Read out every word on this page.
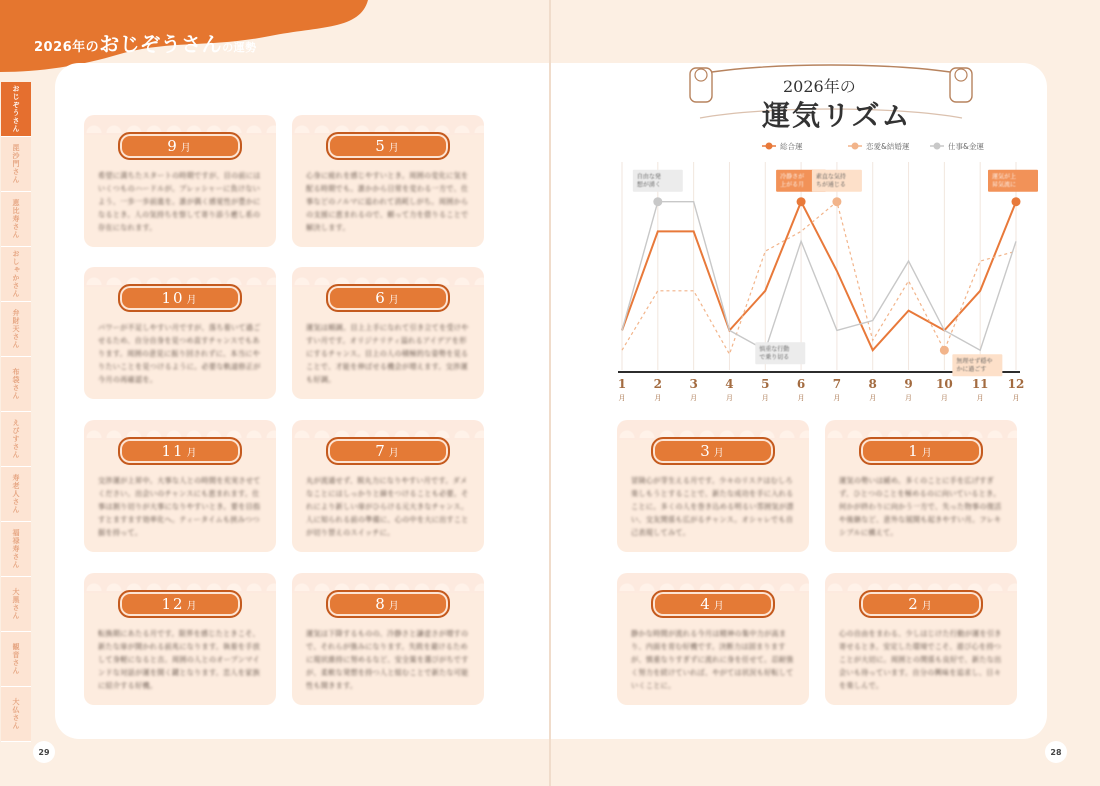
2026年のおじぞうさんの運勢
おじぞうさん
毘沙門さん
恵比寿さん
おしゃかさん
弁財天さん
布袋さん
えびすさん
寿老人さん
福禄寿さん
大黒さん
観音さん
大仏さん
29	28
9 月
希望に満ちたスタートの時期ですが、目の前にはいくつものハードルが。プレッシャーに負けないよう、一歩一歩前進を。誰が偶く感覚性が豊かになるとき。人の気持ちを察して寄り添う癒し系の存在になれます。
5 月
心身に疲れを感じやすいとき。周囲の変化に気を配る時期でも。誰かから日常を変わる一方で、仕事などのノルマに追われて消耗しがち。周囲からの支援に恵まれるので、頼って力を借りることで解決します。
10 月
パワーが不足しやすい月ですが、落ち着いて過ごせるため、自分自身を見つめ直すチャンスでもあります。周囲の意見に振り回されずに、本当にやりたいことを見つけるように。必要な軌道修正が今月の再確認を。
6 月
運気は順調。目上上手になれて引き立てを受けやすい月です。オリジナリティ溢れるアイデアを形にするチャンス。目上の人の積極的な姿勢を見ることで、才能を伸ばせる機会が増えます。交渉運も好調。
11 月
交渉運が上昇中。大事な人との時間を充実させてください。出会いのチャンスにも恵まれます。仕事は割り切りが大事になりやすいとき。要を目指すとますます効率化へ。ティータイムも挟みつつ据を持って。
7 月
丸が流通せず、脱丸力になりやすい月です。ダメなことにはしっかりと線をつけることも必要。それにより新しい扉がひらける元大きなチャンス。人に知られる前の準備に、心の中を大に出すことが切り替えのスイッチに。
12 月
転換期にあたる月です。限界を感じたときこそ、新たな扉が開かれる前兆になります。執着を手放して身軽になると吉。周囲の人とのオープンマインドな対話が運を開く鍵となります。恋人を家族に紹介する好機。
8 月
運気は下降するものの、冷静さと謙虚さが増すので、それらが強みになります。失敗を避けるために現状維持に努めるなど、安全策を選びがちですが、柔軟な発想を持つ人と組むことで新たな可能性も開きます。
3 月
冒険心が芽生える月です。少々のリスクはむしろ楽しもうとすることで、新たな成功を手に入れることに。多くの人を巻き込める明るい雰囲気が漂い、交友関係も広がるチャンス。オシャレでも自己表現してみて。
1 月
運気の勢いは緩め。多くのことに手を広げすぎず、ひとつのことを極めるのに向いているとき。何かが終わりに向かう一方で、失った物事の復活や後継など、意外な展開も起きやすい月。フレキシブルに構えて。
4 月
静かな時間が流れる今月は精神の集中力が高まり、内面を育む好機です。決断力は固まりますが、慎重なりすぎずに流れに身を任せて。忍耐強く努力を続けていれば、やがては状況も好転していくことに。
2 月
心の自由をまわる、少しはじけた行動が運を引き寄せるとき。安定した環境でこそ、遊び心を持つことが大切に。周囲との関係も良好で、新たな出会いも待っています。自分の興味を追求し、日々を楽しんで。
2026年の
運気リズム
1
月
2
月
3
月
4
月
5
月
6
月
7
月
8
月
9
月
10
月
11
月
12
月
総合運	恋愛&結婚運	仕事&金運
自由な発想が湧く
冷静さが上がる月
素直な気持ちが通じる
運気が上昇気流に
慎重な行動で乗り切る
無理せず穏やかに過ごす
